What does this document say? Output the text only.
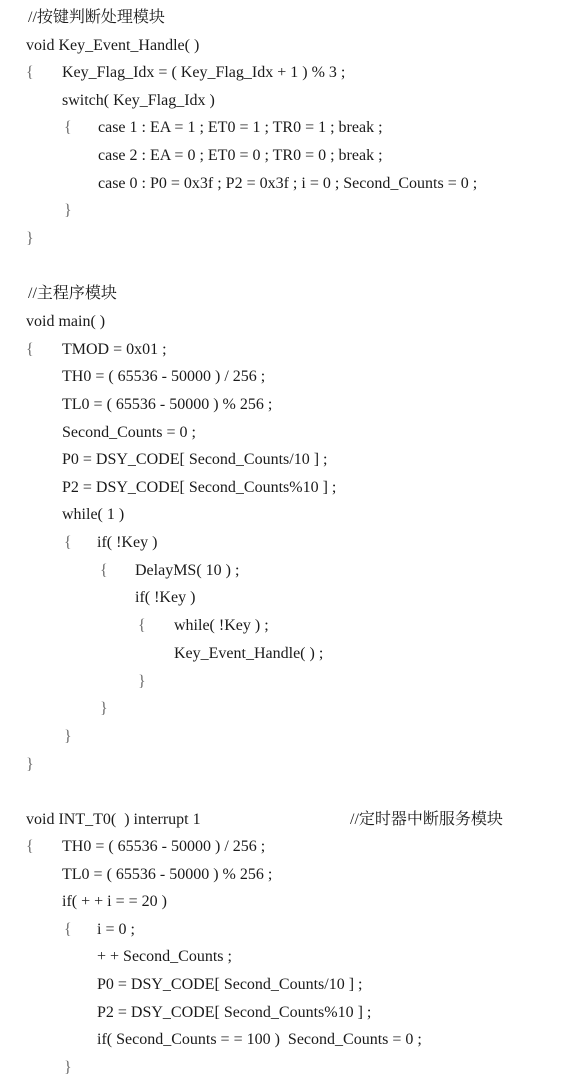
//按键判断处理模块
void Key_Event_Handle( )
{ Key_Flag_Idx = ( Key_Flag_Idx + 1 ) % 3 ;
switch( Key_Flag_Idx )
{ case 1 : EA = 1 ; ET0 = 1 ; TR0 = 1 ; break ;
case 2 : EA = 0 ; ET0 = 0 ; TR0 = 0 ; break ;
case 0 : P0 = 0x3f ; P2 = 0x3f ; i = 0 ; Second_Counts = 0 ;
}
}
//主程序模块
void main( )
{ TMOD = 0x01 ;
TH0 = ( 65536 - 50000 ) / 256 ;
TL0 = ( 65536 - 50000 ) % 256 ;
Second_Counts = 0 ;
P0 = DSY_CODE[ Second_Counts/10 ] ;
P2 = DSY_CODE[ Second_Counts%10 ] ;
while( 1 )
{ if( !Key )
{ DelayMS( 10 ) ;
if( !Key )
{ while( !Key ) ;
Key_Event_Handle( ) ;
}
}
}
}
void INT_T0(  ) interrupt 1	//定时器中断服务模块
{ TH0 = ( 65536 - 50000 ) / 256 ;
TL0 = ( 65536 - 50000 ) % 256 ;
if( + + i = = 20 )
{ i = 0 ;
+ + Second_Counts ;
P0 = DSY_CODE[ Second_Counts/10 ] ;
P2 = DSY_CODE[ Second_Counts%10 ] ;
if( Second_Counts = = 100 )  Second_Counts = 0 ;
}
